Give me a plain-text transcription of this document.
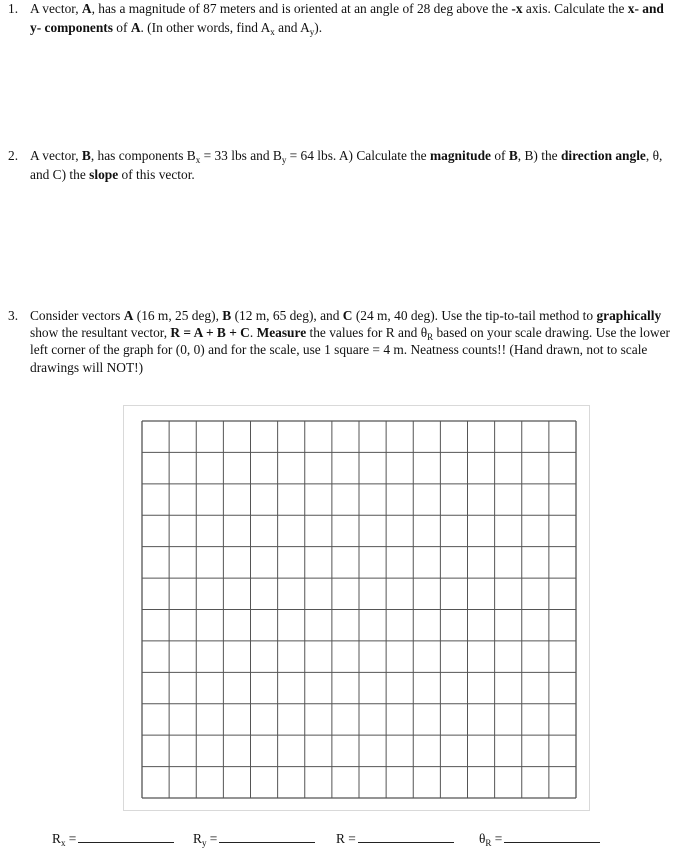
1. A vector, A, has a magnitude of 87 meters and is oriented at an angle of 28 deg above the -x axis. Calculate the x- and y- components of A. (In other words, find $A_x$ and $A_y$).
2. A vector, B, has components $B_x = 33$ lbs and $B_y = 64$ lbs. A) Calculate the magnitude of B, B) the direction angle, θ, and C) the slope of this vector.
3. Consider vectors A (16 m, 25 deg), B (12 m, 65 deg), and C (24 m, 40 deg). Use the tip-to-tail method to graphically show the resultant vector, R = A + B + C. Measure the values for R and $\theta_R$ based on your scale drawing. Use the lower left corner of the graph for (0, 0) and for the scale, use 1 square = 4 m. Neatness counts!! (Hand drawn, not to scale drawings will NOT!)
$R_x$ =	$R_y$ =	R =	$\theta_R$ =
